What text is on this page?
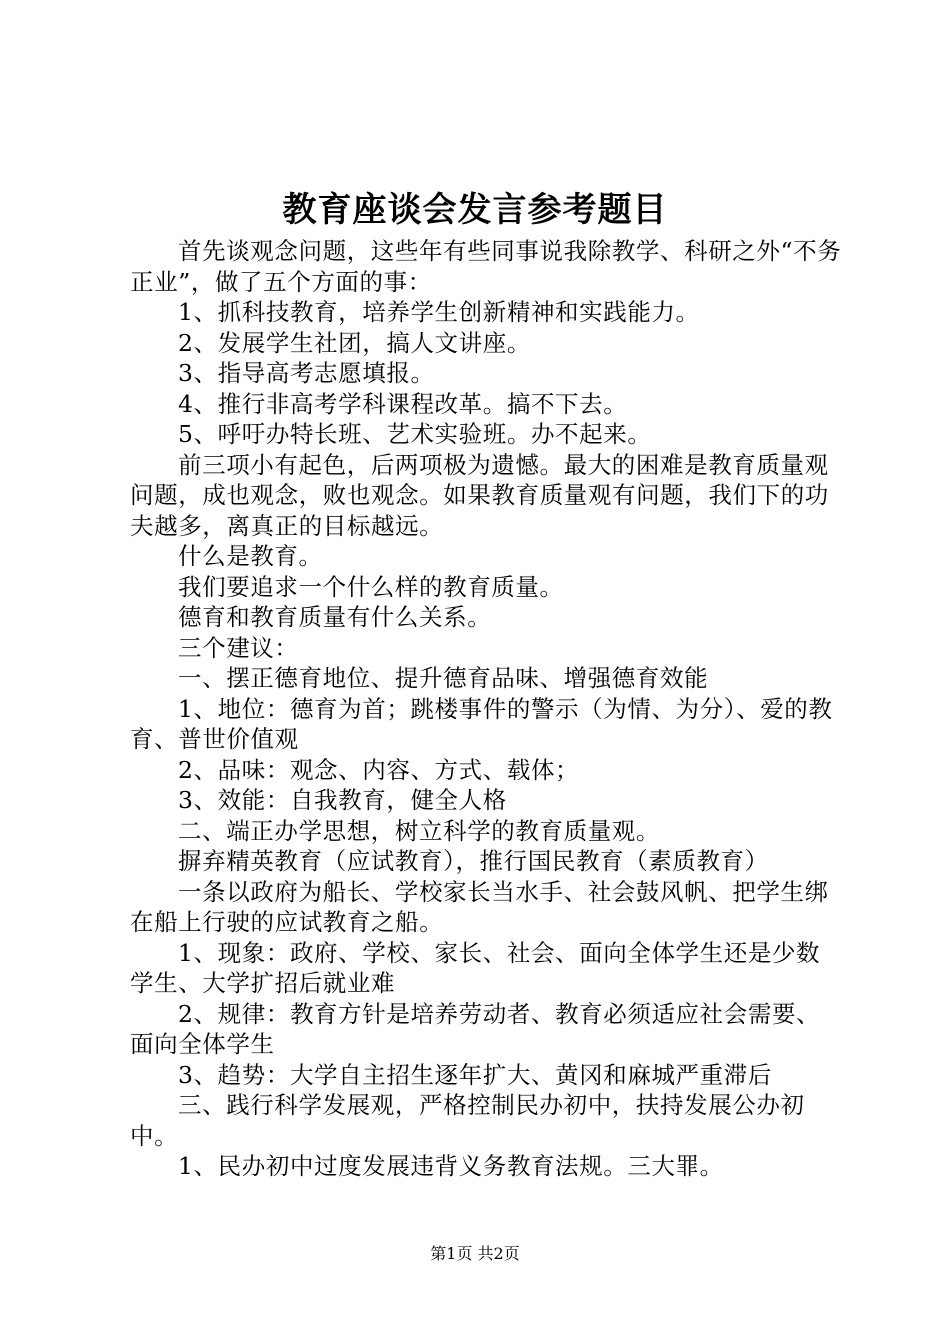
教育座谈会发言参考题目

首先谈观念问题，这些年有些同事说我除教学、科研之外“不务正业”，做了五个方面的事：

1、抓科技教育，培养学生创新精神和实践能力。

2、发展学生社团，搞人文讲座。

3、指导高考志愿填报。

4、推行非高考学科课程改革。搞不下去。

5、呼吁办特长班、艺术实验班。办不起来。

前三项小有起色，后两项极为遗憾。最大的困难是教育质量观问题，成也观念，败也观念。如果教育质量观有问题，我们下的功夫越多，离真正的目标越远。

什么是教育。

我们要追求一个什么样的教育质量。

德育和教育质量有什么关系。

三个建议：

一、摆正德育地位、提升德育品味、增强德育效能

1、地位：德育为首；跳楼事件的警示（为情、为分）、爱的教育、普世价值观

2、品味：观念、内容、方式、载体；

3、效能：自我教育，健全人格

二、端正办学思想，树立科学的教育质量观。

摒弃精英教育（应试教育），推行国民教育（素质教育）

一条以政府为船长、学校家长当水手、社会鼓风帆、把学生绑在船上行驶的应试教育之船。

1、现象：政府、学校、家长、社会、面向全体学生还是少数学生、大学扩招后就业难

2、规律：教育方针是培养劳动者、教育必须适应社会需要、面向全体学生

3、趋势：大学自主招生逐年扩大、黄冈和麻城严重滞后

三、践行科学发展观，严格控制民办初中，扶持发展公办初中。

1、民办初中过度发展违背义务教育法规。三大罪。

第1页 共2页
